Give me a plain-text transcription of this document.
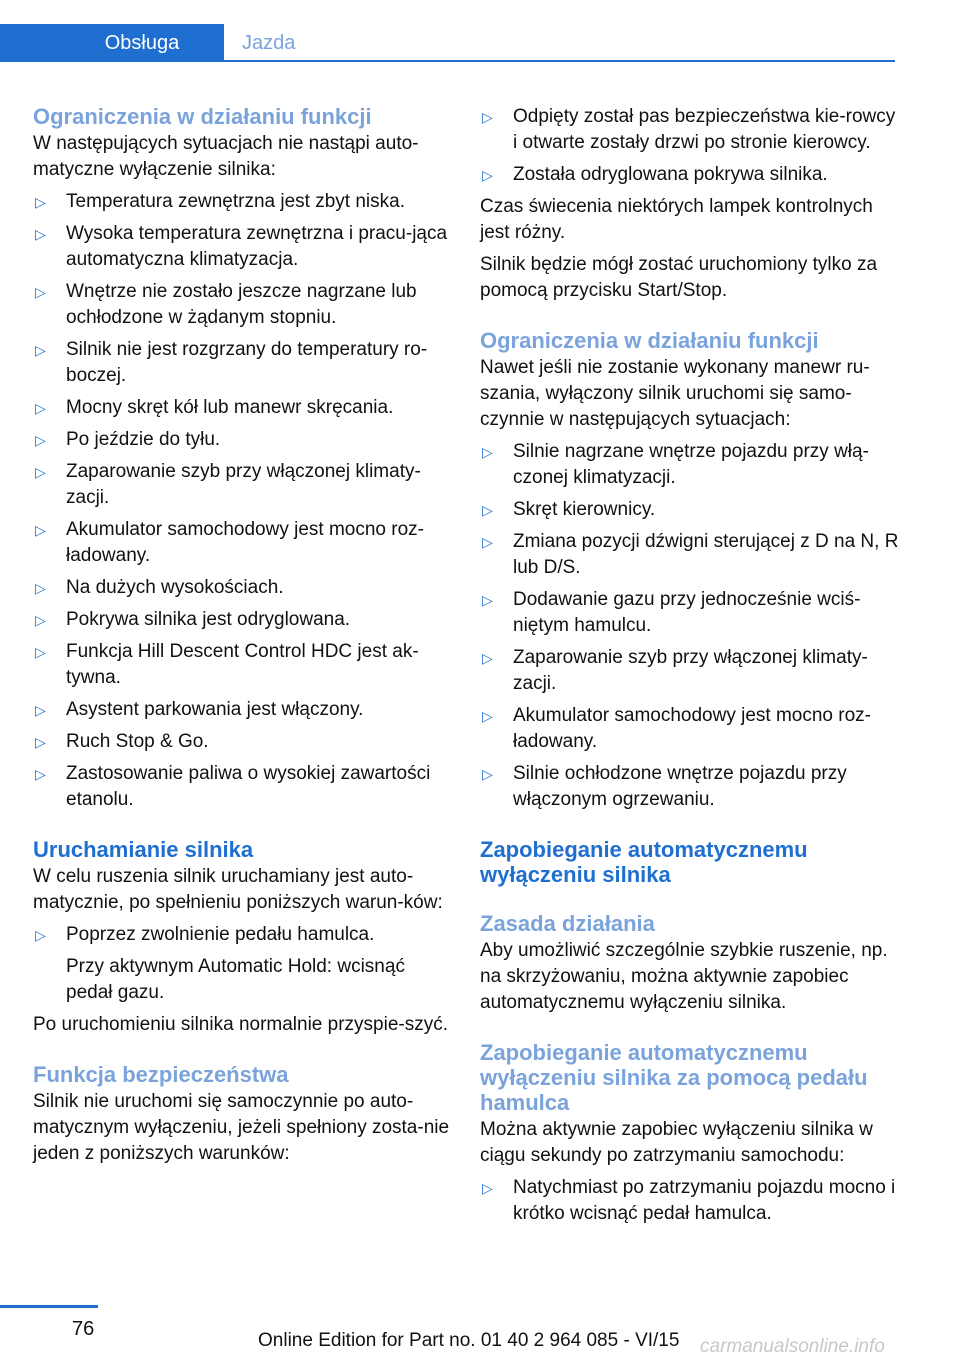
Obsługa	Jazda
Ograniczenia w działaniu funkcji

W następujących sytuacjach nie nastąpi auto‐matyczne wyłączenie silnika:

▷ Temperatura zewnętrzna jest zbyt niska.
▷ Wysoka temperatura zewnętrzna i pracu‐jąca automatyczna klimatyzacja.
▷ Wnętrze nie zostało jeszcze nagrzane lub ochłodzone w żądanym stopniu.
▷ Silnik nie jest rozgrzany do temperatury ro‐boczej.
▷ Mocny skręt kół lub manewr skręcania.
▷ Po jeździe do tyłu.
▷ Zaparowanie szyb przy włączonej klimaty‐zacji.
▷ Akumulator samochodowy jest mocno roz‐ładowany.
▷ Na dużych wysokościach.
▷ Pokrywa silnika jest odryglowana.
▷ Funkcja Hill Descent Control HDC jest ak‐tywna.
▷ Asystent parkowania jest włączony.
▷ Ruch Stop & Go.
▷ Zastosowanie paliwa o wysokiej zawartości etanolu.
Uruchamianie silnika

W celu ruszenia silnik uruchamiany jest auto‐matycznie, po spełnieniu poniższych warun‐ków:

▷ Poprzez zwolnienie pedału hamulca.

Przy aktywnym Automatic Hold: wcisnąć pedał gazu.

Po uruchomieniu silnika normalnie przyspie‐szyć.

Funkcja bezpieczeństwa

Silnik nie uruchomi się samoczynnie po auto‐matycznym wyłączeniu, jeżeli spełniony zosta‐nie jeden z poniższych warunków:

▷ Odpięty został pas bezpieczeństwa kie‐rowcy i otwarte zostały drzwi po stronie kierowcy.
▷ Została odryglowana pokrywa silnika.

Czas świecenia niektórych lampek kontrolnych jest różny.

Silnik będzie mógł zostać uruchomiony tylko za pomocą przycisku Start/Stop.

Ograniczenia w działaniu funkcji

Nawet jeśli nie zostanie wykonany manewr ru‐szania, wyłączony silnik uruchomi się samo‐czynnie w następujących sytuacjach:

▷ Silnie nagrzane wnętrze pojazdu przy włą‐czonej klimatyzacji.
▷ Skręt kierownicy.
▷ Zmiana pozycji dźwigni sterującej z D na N, R lub D/S.
▷ Dodawanie gazu przy jednocześnie wciś‐niętym hamulcu.
▷ Zaparowanie szyb przy włączonej klimaty‐zacji.
▷ Akumulator samochodowy jest mocno roz‐ładowany.
▷ Silnie ochłodzone wnętrze pojazdu przy włączonym ogrzewaniu.
Zapobieganie automatycznemu wyłączeniu silnika
Zasada działania

Aby umożliwić szczególnie szybkie ruszenie, np. na skrzyżowaniu, można aktywnie zapobiec automatycznemu wyłączeniu silnika.

Zapobieganie automatycznemu wyłączeniu silnika za pomocą pedału hamulca

Można aktywnie zapobiec wyłączeniu silnika w ciągu sekundy po zatrzymaniu samochodu:

▷ Natychmiast po zatrzymaniu pojazdu mocno i krótko wcisnąć pedał hamulca.
76
Online Edition for Part no. 01 40 2 964 085 - VI/15 carmanualsonline.info
